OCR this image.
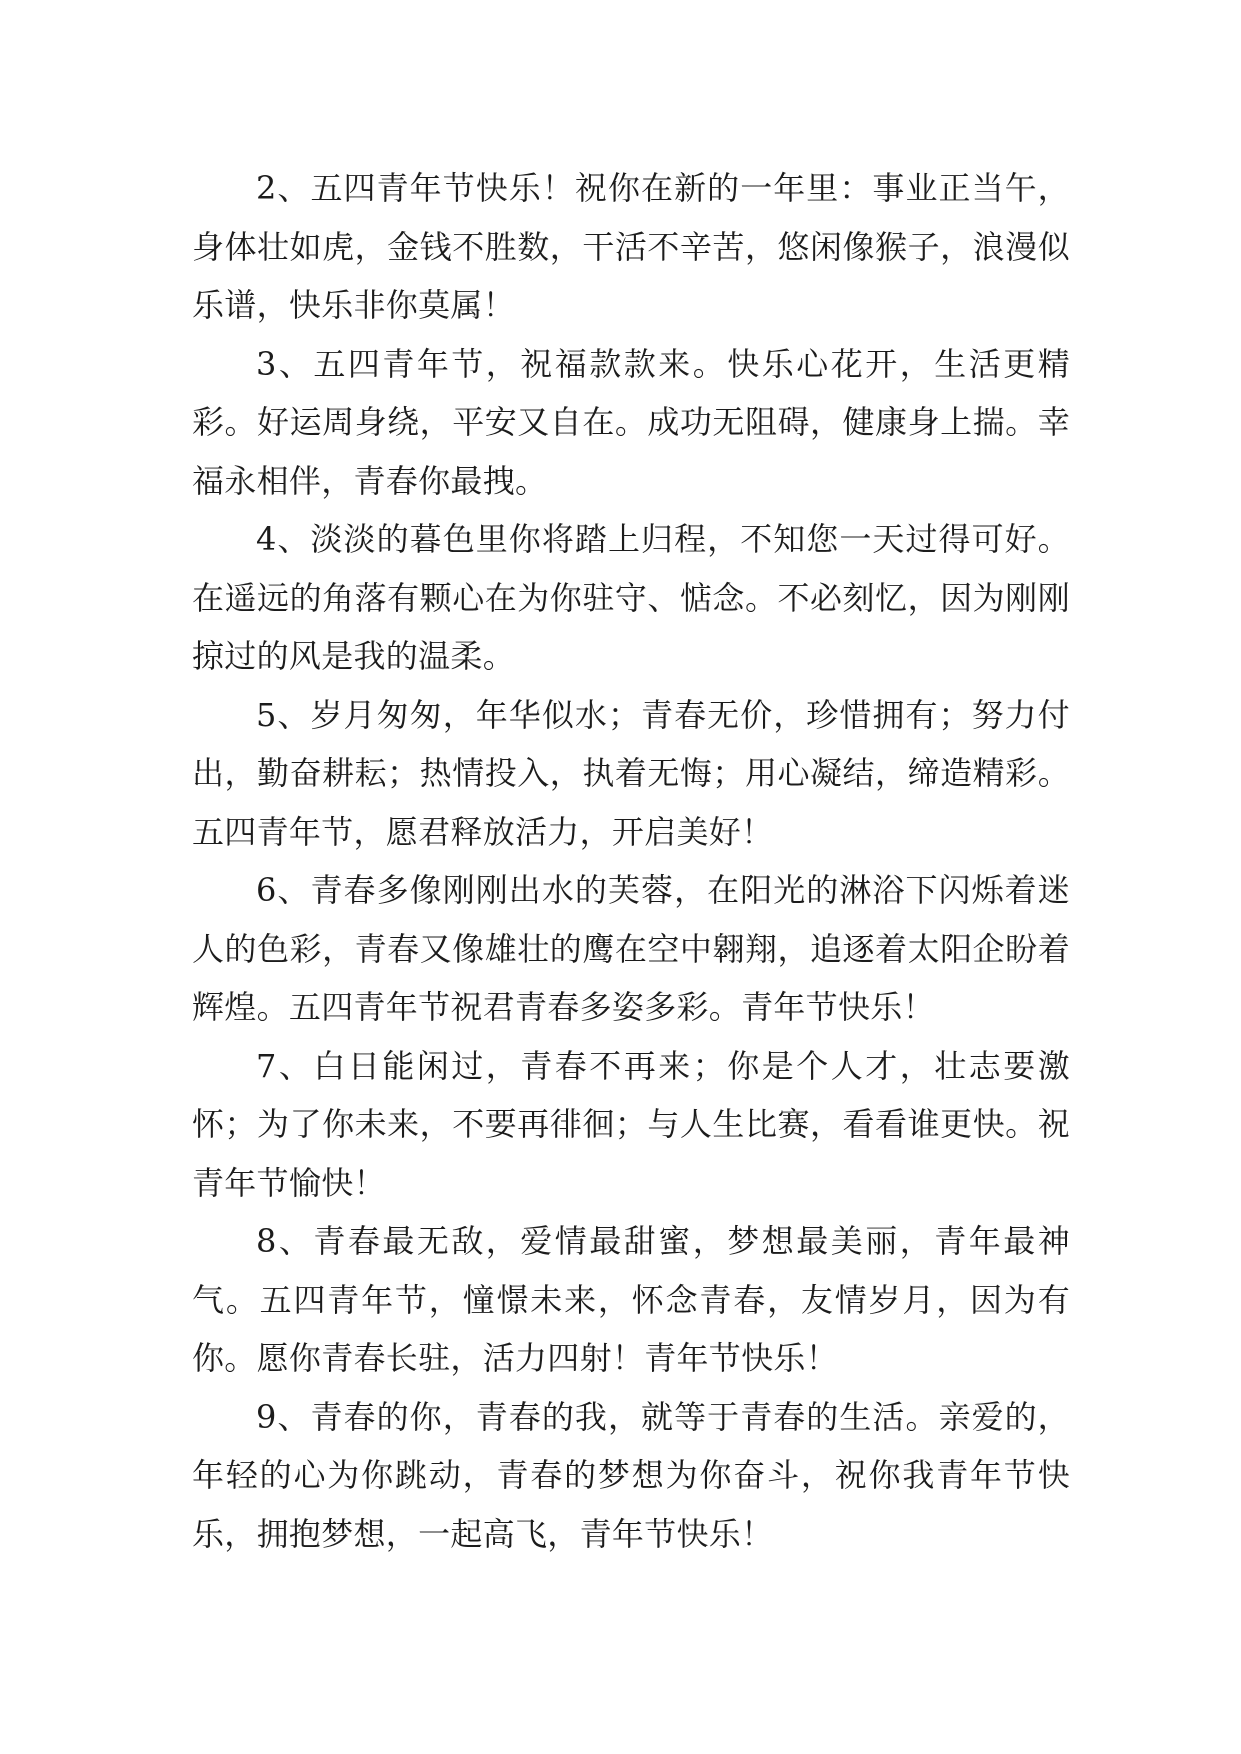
2、五四青年节快乐！祝你在新的一年里：事业正当午，身体壮如虎，金钱不胜数，干活不辛苦，悠闲像猴子，浪漫似乐谱，快乐非你莫属！

3、五四青年节，祝福款款来。快乐心花开，生活更精彩。好运周身绕，平安又自在。成功无阻碍，健康身上揣。幸福永相伴，青春你最拽。

4、淡淡的暮色里你将踏上归程，不知您一天过得可好。在遥远的角落有颗心在为你驻守、惦念。不必刻忆，因为刚刚掠过的风是我的温柔。

5、岁月匆匆，年华似水；青春无价，珍惜拥有；努力付出，勤奋耕耘；热情投入，执着无悔；用心凝结，缔造精彩。五四青年节，愿君释放活力，开启美好！

6、青春多像刚刚出水的芙蓉，在阳光的淋浴下闪烁着迷人的色彩，青春又像雄壮的鹰在空中翱翔，追逐着太阳企盼着辉煌。五四青年节祝君青春多姿多彩。青年节快乐！

7、白日能闲过，青春不再来；你是个人才，壮志要激怀；为了你未来，不要再徘徊；与人生比赛，看看谁更快。祝青年节愉快！

8、青春最无敌，爱情最甜蜜，梦想最美丽，青年最神气。五四青年节，憧憬未来，怀念青春，友情岁月，因为有你。愿你青春长驻，活力四射！青年节快乐！

9、青春的你，青春的我，就等于青春的生活。亲爱的，年轻的心为你跳动，青春的梦想为你奋斗，祝你我青年节快乐，拥抱梦想，一起高飞，青年节快乐！
